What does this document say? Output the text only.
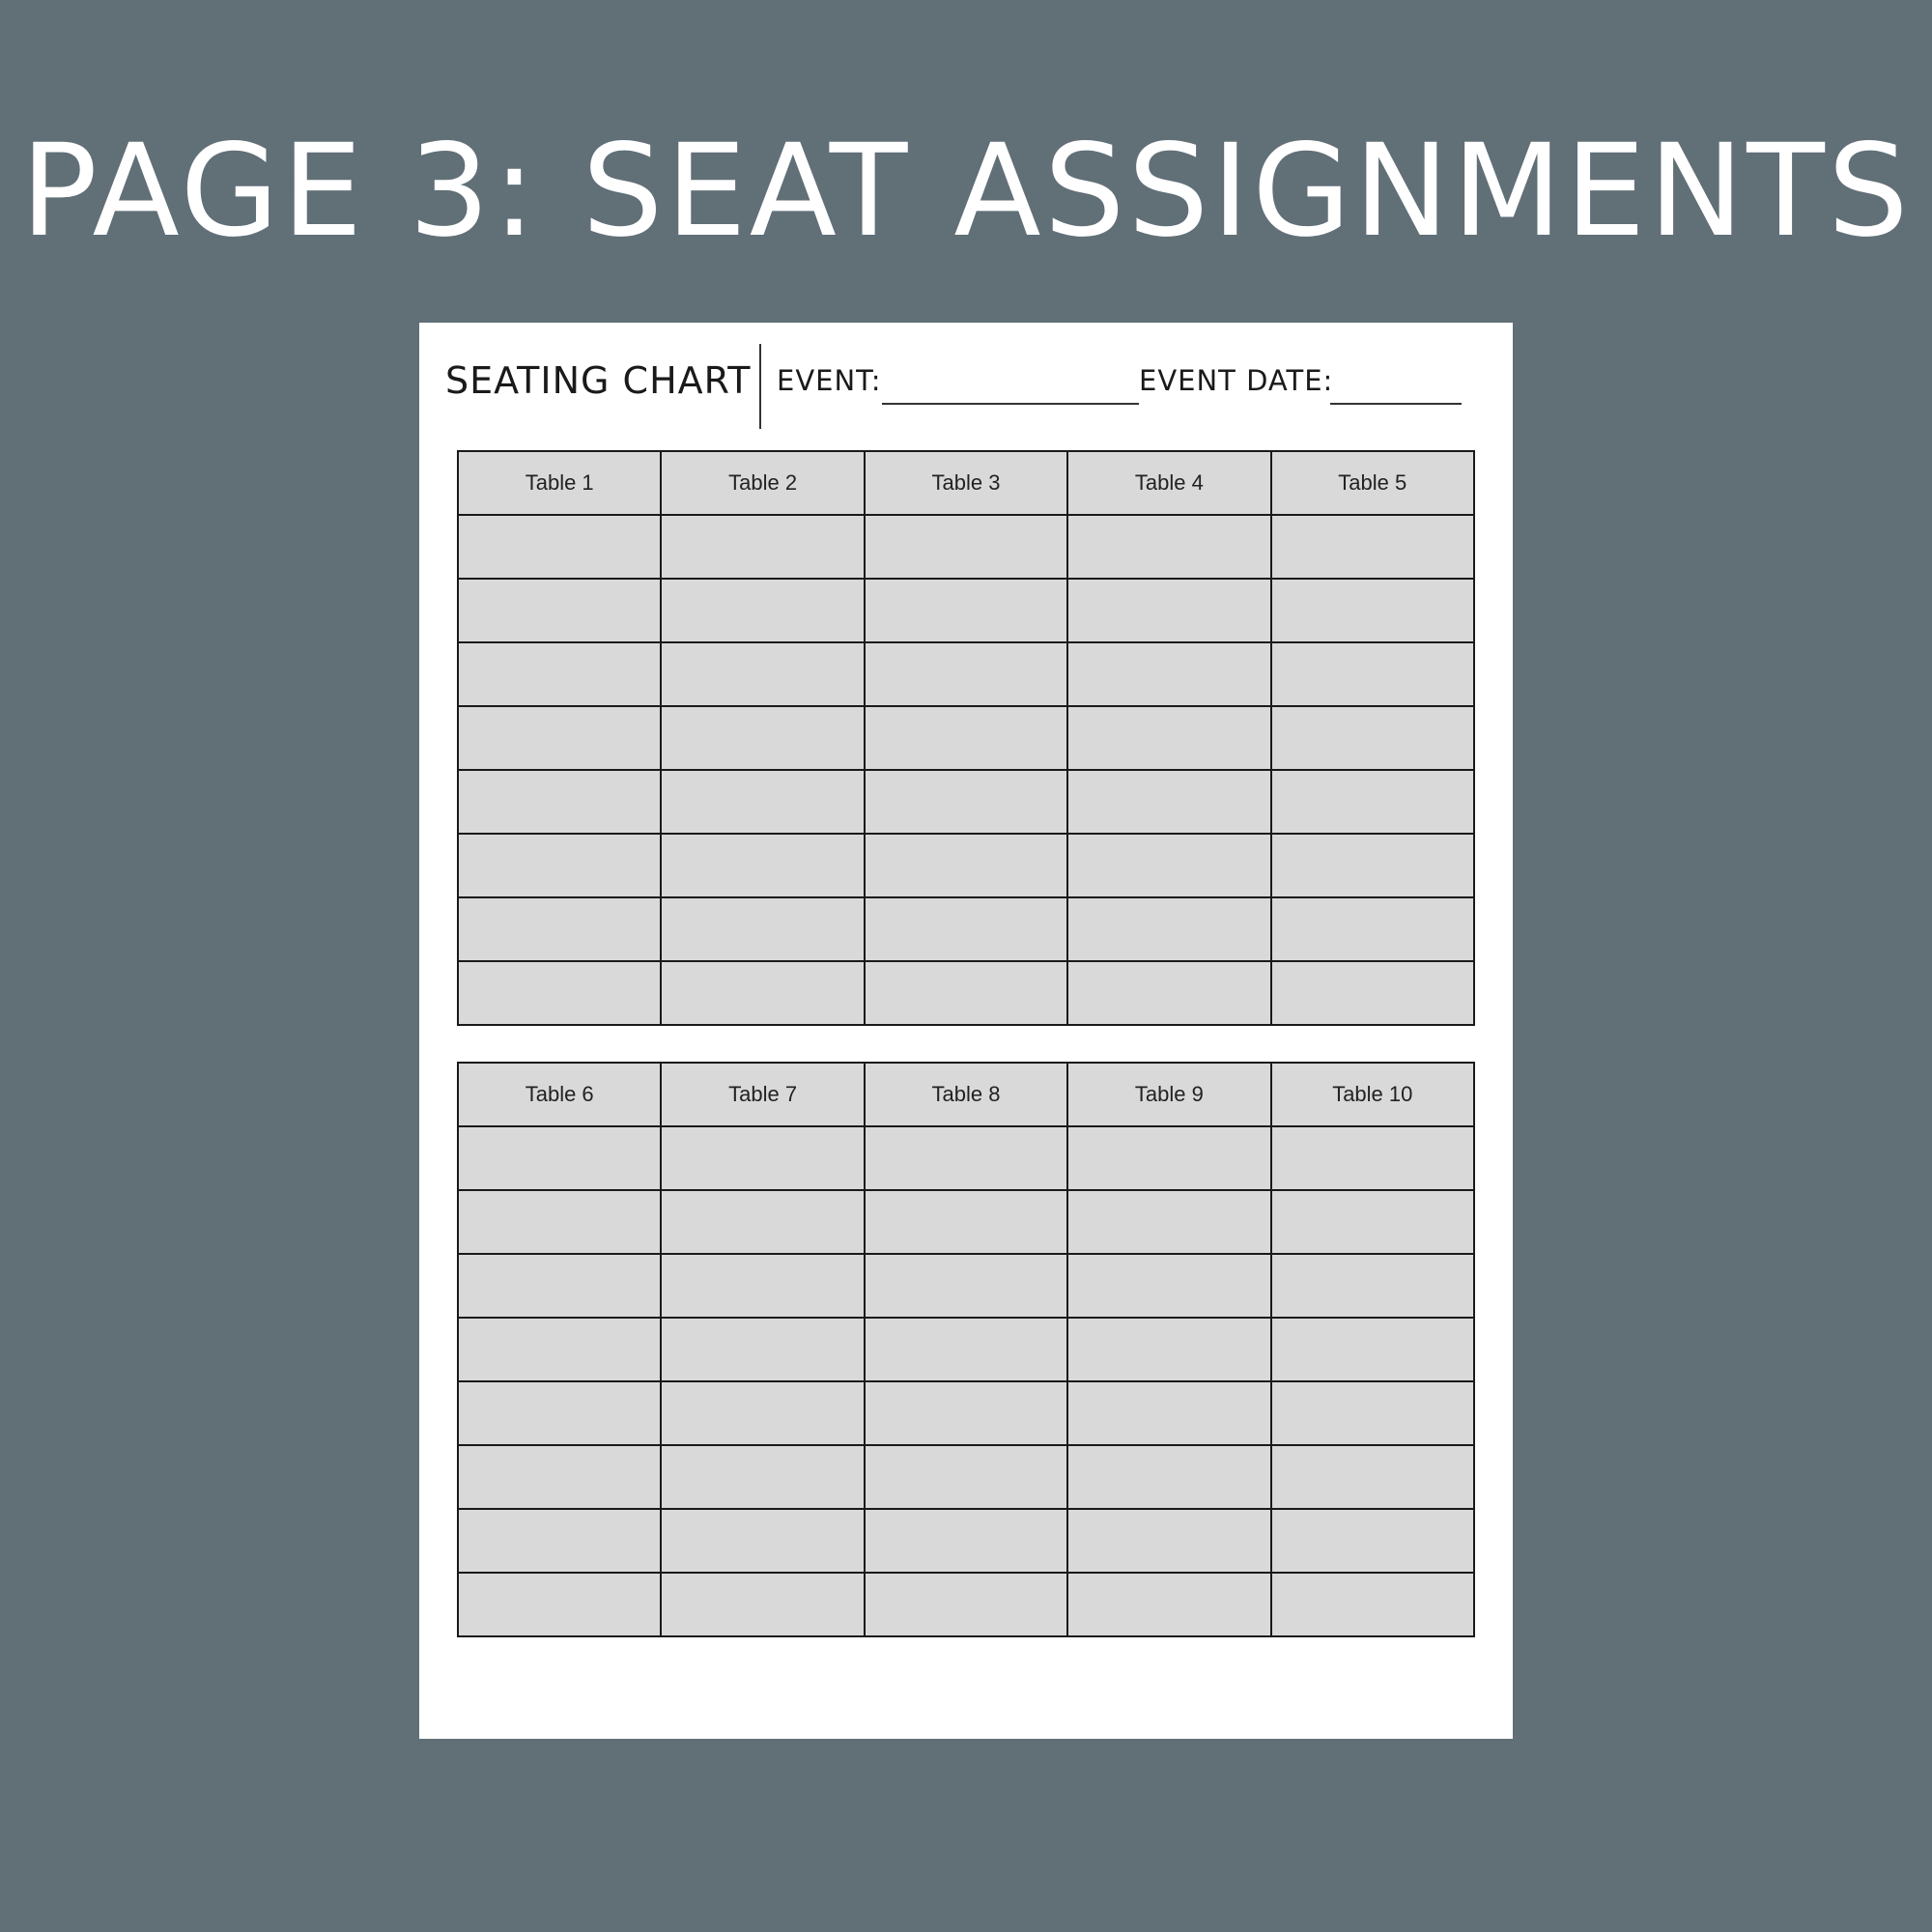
PAGE 3: SEAT ASSIGNMENTS
SEATING CHART EVENT:	EVENT DATE:
Table 1	Table 2	Table 3	Table 4	Table 5

Table 6	Table 7	Table 8	Table 9	Table 10
